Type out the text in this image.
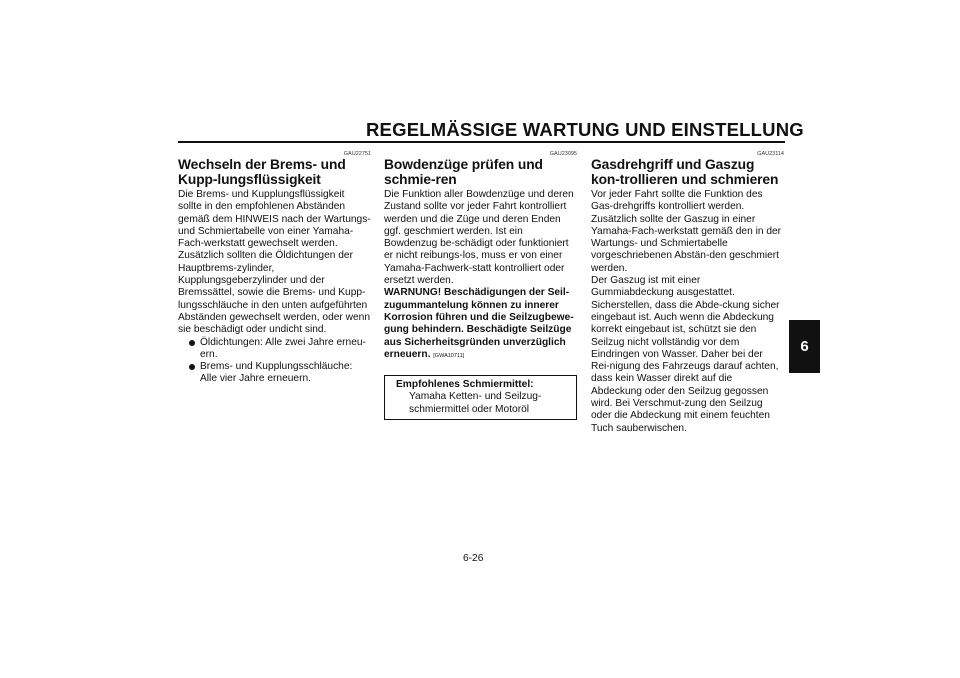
REGELMÄSSIGE WARTUNG UND EINSTELLUNG
6
GAU22751
Wechseln der Brems- und Kupp-lungsflüssigkeit

Die Brems- und Kupplungsflüssigkeit sollte in den empfohlenen Abständen gemäß dem HINWEIS nach der Wartungs- und Schmiertabelle von einer Yamaha-Fach-werkstatt gewechselt werden. Zusätzlich sollten die Öldichtungen der Hauptbrems-zylinder, Kupplungsgeberzylinder und der Bremssättel, sowie die Brems- und Kupp-lungsschläuche in den unten aufgeführten Abständen gewechselt werden, oder wenn sie beschädigt oder undicht sind.

Öldichtungen: Alle zwei Jahre erneu-ern.
Brems- und Kupplungsschläuche: Alle vier Jahre erneuern.
GAU23095
Bowdenzüge prüfen und schmie-ren

Die Funktion aller Bowdenzüge und deren Zustand sollte vor jeder Fahrt kontrolliert werden und die Züge und deren Enden ggf. geschmiert werden. Ist ein Bowdenzug be-schädigt oder funktioniert er nicht reibungs-los, muss er von einer Yamaha-Fachwerk-statt kontrolliert oder ersetzt werden.

WARNUNG! Beschädigungen der Seil-zugummantelung können zu innerer Korrosion führen und die Seilzugbewe-gung behindern. Beschädigte Seilzüge aus Sicherheitsgründen unverzüglich erneuern. [GWA10711]

Empfohlenes Schmiermittel:
Yamaha Ketten- und Seilzug-schmiermittel oder Motoröl
GAU23114
Gasdrehgriff und Gaszug kon-trollieren und schmieren

Vor jeder Fahrt sollte die Funktion des Gas-drehgriffs kontrolliert werden. Zusätzlich sollte der Gaszug in einer Yamaha-Fach-werkstatt gemäß den in der Wartungs- und Schmiertabelle vorgeschriebenen Abstän-den geschmiert werden.

Der Gaszug ist mit einer Gummiabdeckung ausgestattet. Sicherstellen, dass die Abde-ckung sicher eingebaut ist. Auch wenn die Abdeckung korrekt eingebaut ist, schützt sie den Seilzug nicht vollständig vor dem Eindringen von Wasser. Daher bei der Rei-nigung des Fahrzeugs darauf achten, dass kein Wasser direkt auf die Abdeckung oder den Seilzug gegossen wird. Bei Verschmut-zung den Seilzug oder die Abdeckung mit einem feuchten Tuch sauberwischen.

6-26
